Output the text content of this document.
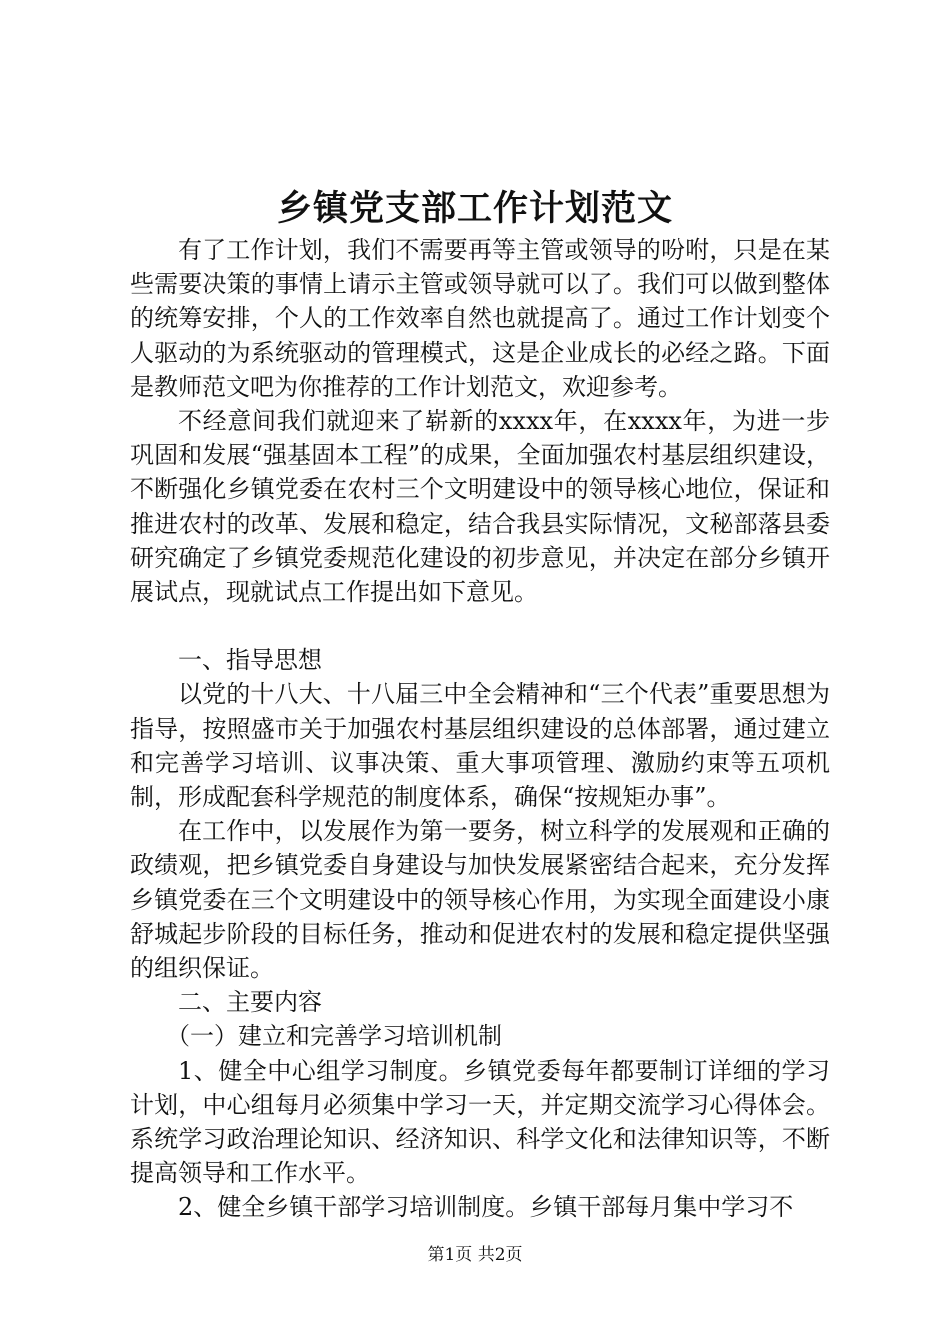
乡镇党支部工作计划范文

有了工作计划，我们不需要再等主管或领导的吩咐，只是在某些需要决策的事情上请示主管或领导就可以了。我们可以做到整体的统筹安排，个人的工作效率自然也就提高了。通过工作计划变个人驱动的为系统驱动的管理模式，这是企业成长的必经之路。下面是教师范文吧为你推荐的工作计划范文，欢迎参考。

不经意间我们就迎来了崭新的xxxx年，在xxxx年，为进一步巩固和发展“强基固本工程”的成果，全面加强农村基层组织建设，不断强化乡镇党委在农村三个文明建设中的领导核心地位，保证和推进农村的改革、发展和稳定，结合我县实际情况，文秘部落县委研究确定了乡镇党委规范化建设的初步意见，并决定在部分乡镇开展试点，现就试点工作提出如下意见。

一、指导思想

以党的十八大、十八届三中全会精神和“三个代表”重要思想为指导，按照盛市关于加强农村基层组织建设的总体部署，通过建立和完善学习培训、议事决策、重大事项管理、激励约束等五项机制，形成配套科学规范的制度体系，确保“按规矩办事”。

在工作中，以发展作为第一要务，树立科学的发展观和正确的政绩观，把乡镇党委自身建设与加快发展紧密结合起来，充分发挥乡镇党委在三个文明建设中的领导核心作用，为实现全面建设小康舒城起步阶段的目标任务，推动和促进农村的发展和稳定提供坚强的组织保证。

二、主要内容

（一）建立和完善学习培训机制

1、健全中心组学习制度。乡镇党委每年都要制订详细的学习计划，中心组每月必须集中学习一天，并定期交流学习心得体会。系统学习政治理论知识、经济知识、科学文化和法律知识等，不断提高领导和工作水平。

2、健全乡镇干部学习培训制度。乡镇干部每月集中学习不

第1页 共2页
